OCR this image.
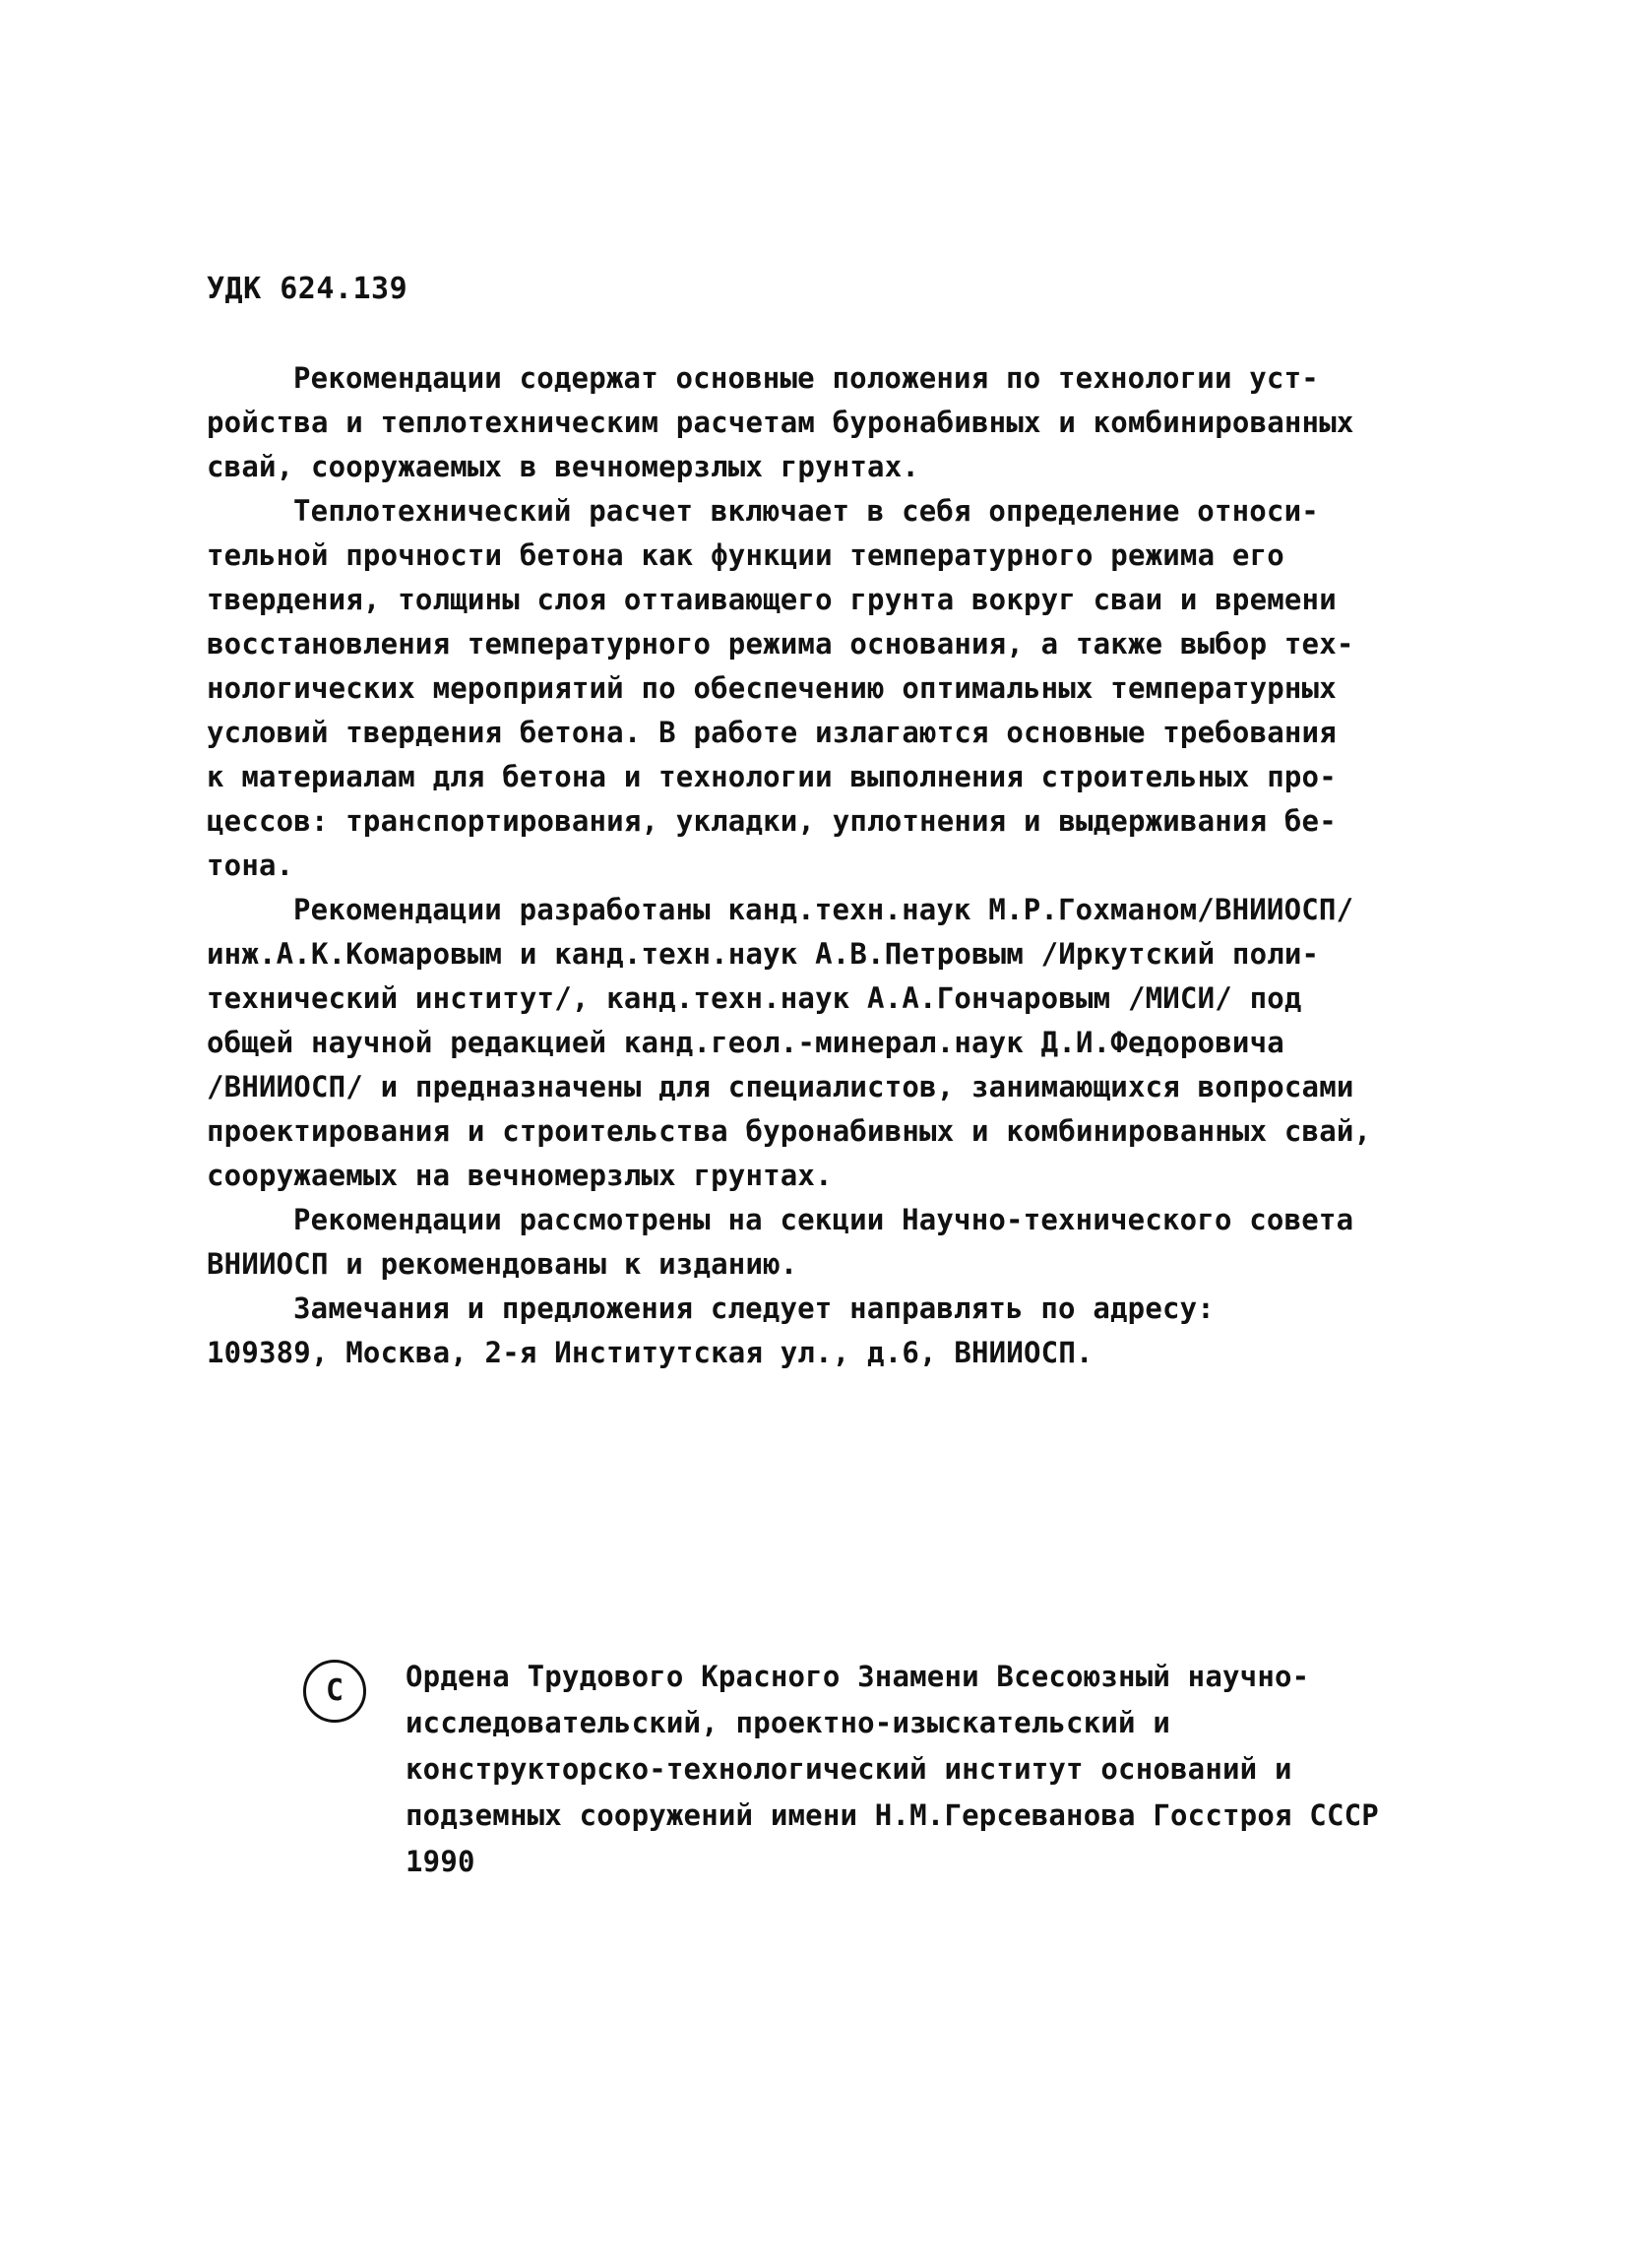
УДК 624.139
Рекомендации содержат основные положения по технологии уст-
ройства и теплотехническим расчетам буронабивных и комбинированных
свай, сооружаемых в вечномерзлых грунтах.
Теплотехнический расчет включает в себя определение относи-
тельной прочности бетона как функции температурного режима его
твердения, толщины слоя оттаивающего грунта вокруг сваи и времени
восстановления температурного режима основания, а также выбор тех-
нологических мероприятий по обеспечению оптимальных температурных
условий твердения бетона. В работе излагаются основные требования
к материалам для бетона и технологии выполнения строительных про-
цессов: транспортирования, укладки, уплотнения и выдерживания бе-
тона.
Рекомендации разработаны канд.техн.наук М.Р.Гохманом/ВНИИОСП/
инж.А.К.Комаровым и канд.техн.наук А.В.Петровым /Иркутский поли-
технический институт/, канд.техн.наук А.А.Гончаровым /МИСИ/ под
общей научной редакцией канд.геол.-минерал.наук Д.И.Федоровича
/ВНИИОСП/ и предназначены для специалистов, занимающихся вопросами
проектирования и строительства буронабивных и комбинированных свай,
сооружаемых на вечномерзлых грунтах.
Рекомендации рассмотрены на секции Научно-технического совета
ВНИИОСП и рекомендованы к изданию.
Замечания и предложения следует направлять по адресу:
109389, Москва, 2-я Институтская ул., д.6, ВНИИОСП.
С	Ордена Трудового Красного Знамени Всесоюзный научно-
исследовательский, проектно-изыскательский и
конструкторско-технологический институт оснований и
подземных сооружений имени Н.М.Герсеванова Госстроя СССР
1990
